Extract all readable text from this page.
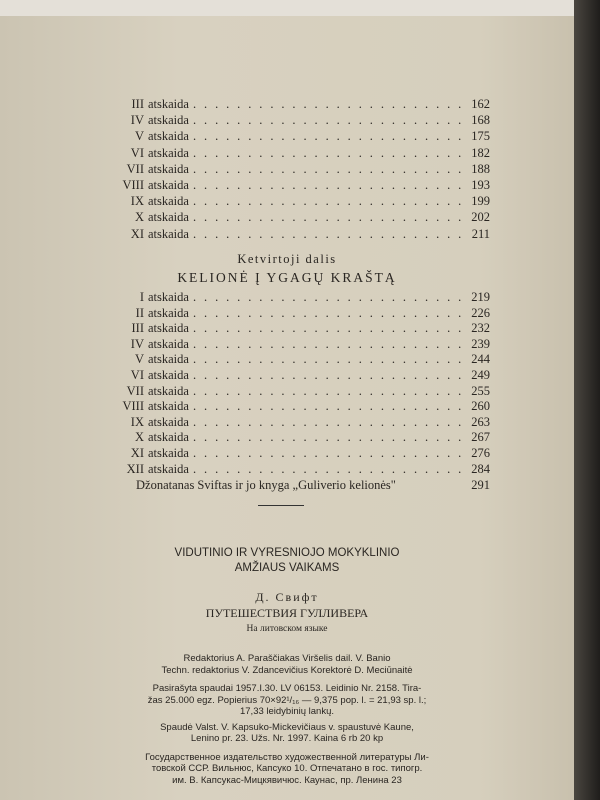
III atskaida . . .	162
IV atskaida . . .	168
V atskaida . . .	175
VI atskaida . . .	182
VII atskaida . . .	188
VIII atskaida . . .	193
IX atskaida . . .	199
X atskaida . . .	202
XI atskaida . . .	211
Ketvirtoji dalis
KELIONĖ Į YGAGŲ KRAŠTĄ
I atskaida . . .	219
II atskaida . . .	226
III atskaida . . .	232
IV atskaida . . .	239
V atskaida . . .	244
VI atskaida . . .	249
VII atskaida . . .	255
VIII atskaida . . .	260
IX atskaida . . .	263
X atskaida . . .	267
XI atskaida . . .	276
XII atskaida . . .	284
Džonatanas Sviftas ir jo knyga „Guliverio kelionės"	291
VIDUTINIO IR VYRESNIOJO MOKYKLINIO
AMŽIAUS VAIKAMS
Д. Свифт
ПУТЕШЕСТВИЯ ГУЛЛИВЕРА
На литовском языке
Redaktorius A. Paraščiakas Viršelis dail. V. Banio
Techn. redaktorius V. Zdancevičius Korektorė D. Meciūnaitė
Pasirašyta spaudai 1957.I.30. LV 06153. Leidinio Nr. 2158. Tira-
žas 25.000 egz. Popierius 70×92¹/₁₆ — 9,375 pop. l. = 21,93 sp. l.;
17,33 leidybinių lankų.
Spaudė Valst. V. Kapsuko-Mickevičiaus v. spaustuvė Kaune,
Lenino pr. 23. Užs. Nr. 1997. Kaina 6 rb 20 kp
Государственное издательство художественной литературы Ли-
товской ССР. Вильнюс, Капсуко 10. Отпечатано в гос. типогр.
им. В. Капсукас-Мицкявичюс. Каунас, пр. Ленина 23
